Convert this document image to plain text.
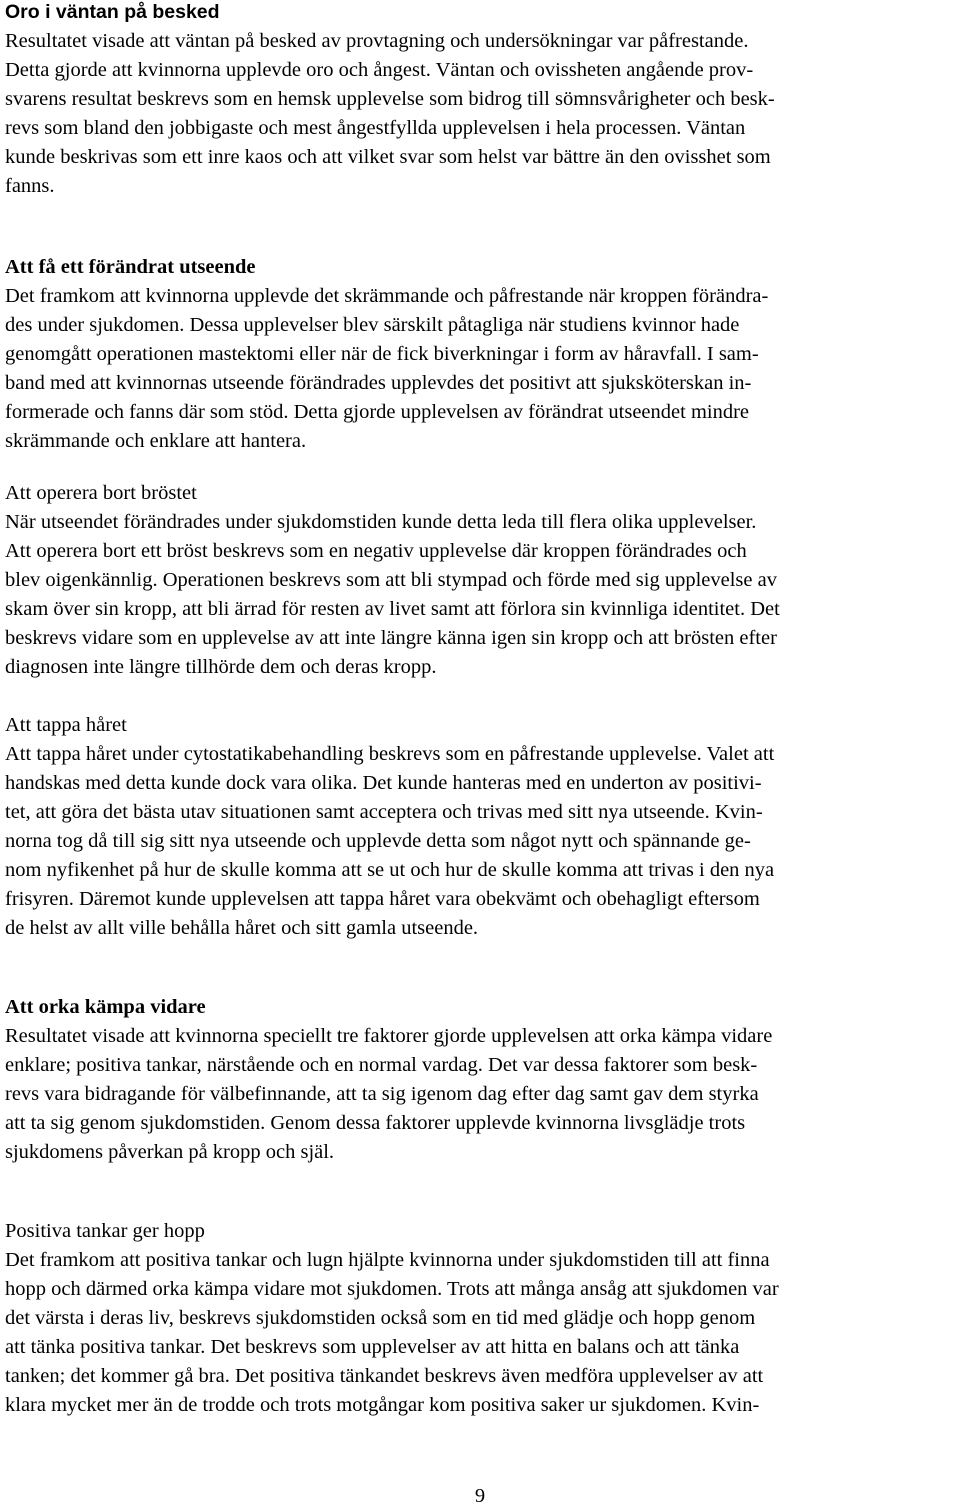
Oro i väntan på besked
Resultatet visade att väntan på besked av provtagning och undersökningar var påfrestande.
Detta gjorde att kvinnorna upplevde oro och ångest. Väntan och ovissheten angående prov-
svarens resultat beskrevs som en hemsk upplevelse som bidrog till sömnsvårigheter och besk-
revs som bland den jobbigaste och mest ångestfyllda upplevelsen i hela processen. Väntan
kunde beskrivas som ett inre kaos och att vilket svar som helst var bättre än den ovisshet som
fanns.
Att få ett förändrat utseende
Det framkom att kvinnorna upplevde det skrämmande och påfrestande när kroppen förändra-
des under sjukdomen. Dessa upplevelser blev särskilt påtagliga när studiens kvinnor hade
genomgått operationen mastektomi eller när de fick biverkningar i form av håravfall. I sam-
band med att kvinnornas utseende förändrades upplevdes det positivt att sjuksköterskan in-
formerade och fanns där som stöd. Detta gjorde upplevelsen av förändrat utseendet mindre
skrämmande och enklare att hantera.
Att operera bort bröstet
När utseendet förändrades under sjukdomstiden kunde detta leda till flera olika upplevelser.
Att operera bort ett bröst beskrevs som en negativ upplevelse där kroppen förändrades och
blev oigenkännlig. Operationen beskrevs som att bli stympad och förde med sig upplevelse av
skam över sin kropp, att bli ärrad för resten av livet samt att förlora sin kvinnliga identitet. Det
beskrevs vidare som en upplevelse av att inte längre känna igen sin kropp och att brösten efter
diagnosen inte längre tillhörde dem och deras kropp.
Att tappa håret
Att tappa håret under cytostatikabehandling beskrevs som en påfrestande upplevelse. Valet att
handskas med detta kunde dock vara olika. Det kunde hanteras med en underton av positivi-
tet, att göra det bästa utav situationen samt acceptera och trivas med sitt nya utseende. Kvin-
norna tog då till sig sitt nya utseende och upplevde detta som något nytt och spännande ge-
nom nyfikenhet på hur de skulle komma att se ut och hur de skulle komma att trivas i den nya
frisyren. Däremot kunde upplevelsen att tappa håret vara obekvämt och obehagligt eftersom
de helst av allt ville behålla håret och sitt gamla utseende.
Att orka kämpa vidare
Resultatet visade att kvinnorna speciellt tre faktorer gjorde upplevelsen att orka kämpa vidare
enklare; positiva tankar, närstående och en normal vardag. Det var dessa faktorer som besk-
revs vara bidragande för välbefinnande, att ta sig igenom dag efter dag samt gav dem styrka
att ta sig genom sjukdomstiden. Genom dessa faktorer upplevde kvinnorna livsglädje trots
sjukdomens påverkan på kropp och själ.
Positiva tankar ger hopp
Det framkom att positiva tankar och lugn hjälpte kvinnorna under sjukdomstiden till att finna
hopp och därmed orka kämpa vidare mot sjukdomen. Trots att många ansåg att sjukdomen var
det värsta i deras liv, beskrevs sjukdomstiden också som en tid med glädje och hopp genom
att tänka positiva tankar. Det beskrevs som upplevelser av att hitta en balans och att tänka
tanken; det kommer gå bra. Det positiva tänkandet beskrevs även medföra upplevelser av att
klara mycket mer än de trodde och trots motgångar kom positiva saker ur sjukdomen. Kvin-
9
